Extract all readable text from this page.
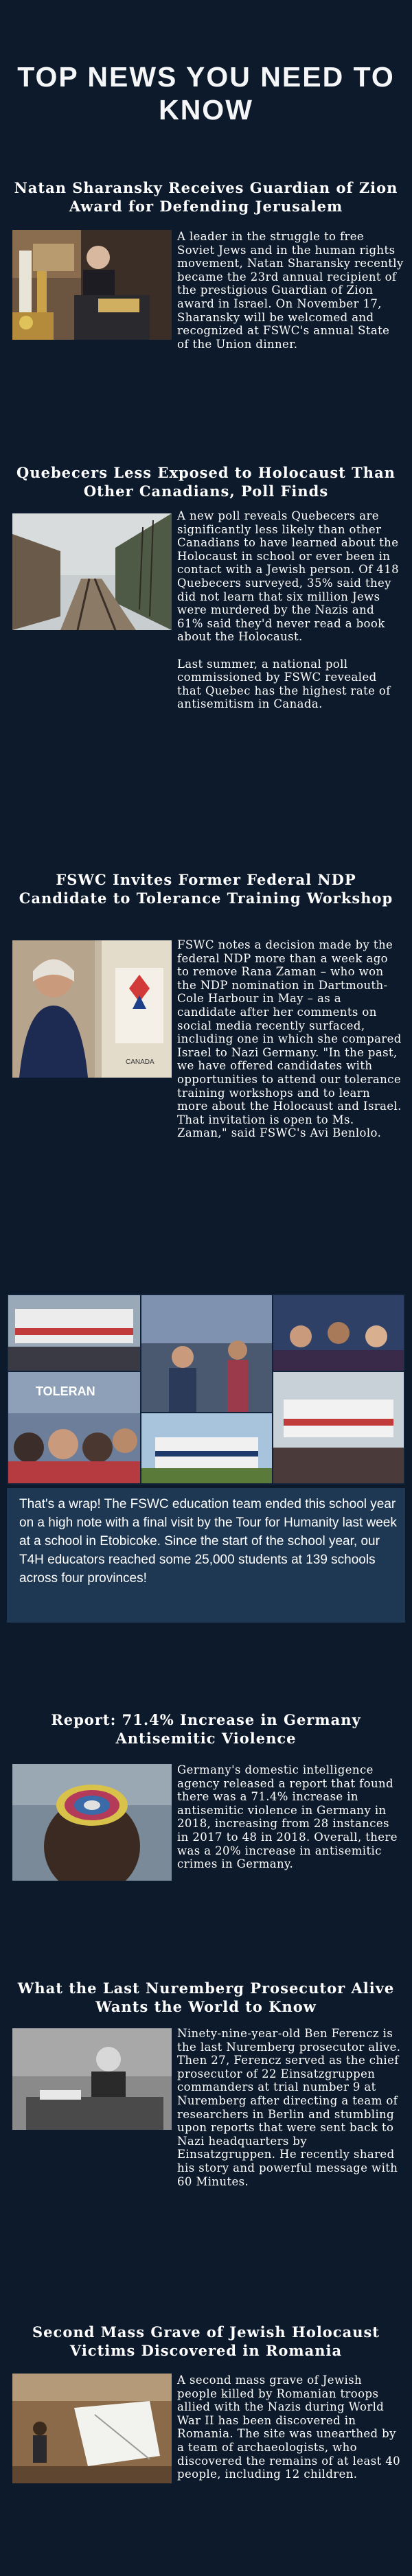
TOP NEWS YOU NEED TO KNOW
Natan Sharansky Receives Guardian of Zion Award for Defending Jerusalem

A leader in the struggle to free Soviet Jews and in the human rights movement, Natan Sharansky recently became the 23rd annual recipient of the prestigious Guardian of Zion award in Israel. On November 17, Sharansky will be welcomed and recognized at FSWC's annual State of the Union dinner.

Quebecers Less Exposed to Holocaust Than Other Canadians, Poll Finds

A new poll reveals Quebecers are significantly less likely than other Canadians to have learned about the Holocaust in school or ever been in contact with a Jewish person. Of 418 Quebecers surveyed, 35% said they did not learn that six million Jews were murdered by the Nazis and 61% said they'd never read a book about the Holocaust.

Last summer, a national poll commissioned by FSWC revealed that Quebec has the highest rate of antisemitism in Canada.

FSWC Invites Former Federal NDP Candidate to Tolerance Training Workshop
CANADA

FSWC notes a decision made by the federal NDP more than a week ago to remove Rana Zaman – who won the NDP nomination in Dartmouth-Cole Harbour in May – as a candidate after her comments on social media recently surfaced, including one in which she compared Israel to Nazi Germany. "In the past, we have offered candidates with opportunities to attend our tolerance training workshops and to learn more about the Holocaust and Israel. That invitation is open to Ms. Zaman," said FSWC's Avi Benlolo.

TOLERAN
That's a wrap! The FSWC education team ended this school year on a high note with a final visit by the Tour for Humanity last week at a school in Etobicoke. Since the start of the school year, our T4H educators reached some 25,000 students at 139 schools across four provinces!
Report: 71.4% Increase in Germany Antisemitic Violence

Germany's domestic intelligence agency released a report that found there was a 71.4% increase in antisemitic violence in Germany in 2018, increasing from 28 instances in 2017 to 48 in 2018. Overall, there was a 20% increase in antisemitic crimes in Germany.

What the Last Nuremberg Prosecutor Alive Wants the World to Know

Ninety-nine-year-old Ben Ferencz is the last Nuremberg prosecutor alive. Then 27, Ferencz served as the chief prosecutor of 22 Einsatzgruppen commanders at trial number 9 at Nuremberg after directing a team of researchers in Berlin and stumbling upon reports that were sent back to Nazi headquarters by Einsatzgruppen. He recently shared his story and powerful message with 60 Minutes.

Second Mass Grave of Jewish Holocaust Victims Discovered in Romania

A second mass grave of Jewish people killed by Romanian troops allied with the Nazis during World War II has been discovered in Romania. The site was unearthed by a team of archaeologists, who discovered the remains of at least 40 people, including 12 children.
